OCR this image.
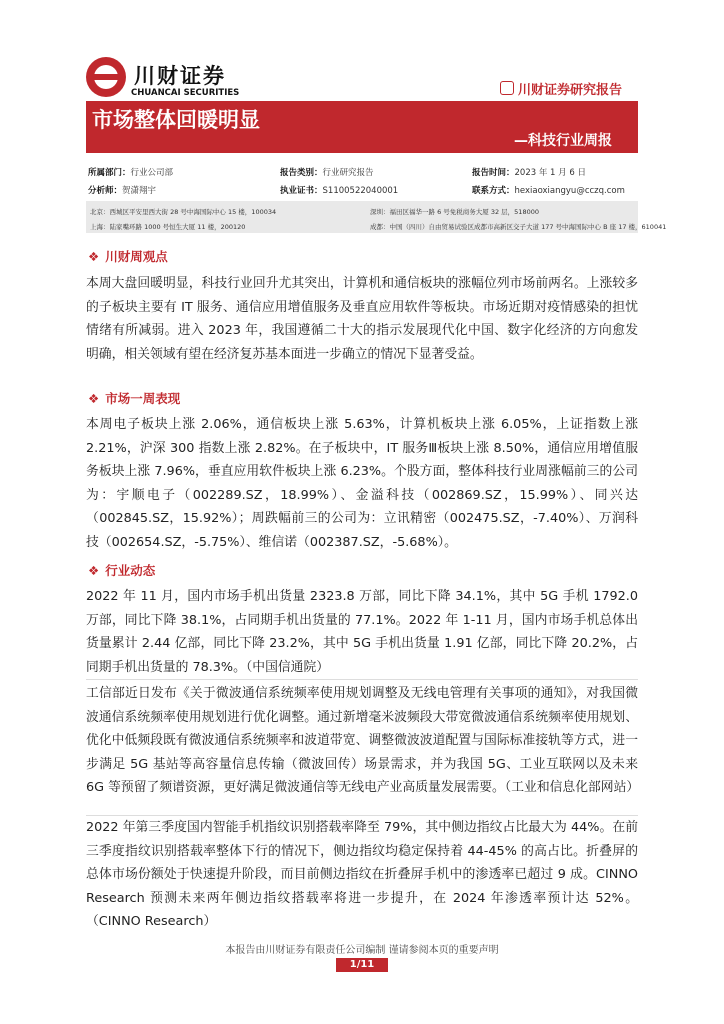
川财证券
CHUANCAI SECURITIES	川财证券研究报告
市场整体回暖明显
—科技行业周报
所属部门：行业公司部	报告类别：行业研究报告	报告时间：2023 年 1 月 6 日
分析师：贺潇翔宇	执业证书：S1100522040001	联系方式：hexiaoxiangyu@cczq.com
北京：西城区平安里西大街 28 号中海国际中心 15 楼，100034	深圳：福田区福华一路 6 号免税商务大厦 32 层，518000
上海：陆家嘴环路 1000 号恒生大厦 11 楼，200120	成都：中国（四川）自由贸易试验区成都市高新区交子大道 177 号中海国际中心 B 座 17 楼，610041
❖ 川财周观点
本周大盘回暖明显，科技行业回升尤其突出，计算机和通信板块的涨幅位列市场前两名。上涨较多的子板块主要有 IT 服务、通信应用增值服务及垂直应用软件等板块。市场近期对疫情感染的担忧情绪有所减弱。进入 2023 年，我国遵循二十大的指示发展现代化中国、数字化经济的方向愈发明确，相关领域有望在经济复苏基本面进一步确立的情况下显著受益。
❖ 市场一周表现
本周电子板块上涨 2.06%，通信板块上涨 5.63%，计算机板块上涨 6.05%，上证指数上涨 2.21%，沪深 300 指数上涨 2.82%。在子板块中，IT 服务Ⅲ板块上涨 8.50%，通信应用增值服务板块上涨 7.96%，垂直应用软件板块上涨 6.23%。个股方面，整体科技行业周涨幅前三的公司为：宇顺电子（002289.SZ，18.99%）、金溢科技（002869.SZ，15.99%）、同兴达（002845.SZ，15.92%）；周跌幅前三的公司为：立讯精密（002475.SZ，-7.40%）、万润科技（002654.SZ，-5.75%）、维信诺（002387.SZ，-5.68%）。
❖ 行业动态
2022 年 11 月，国内市场手机出货量 2323.8 万部，同比下降 34.1%，其中 5G 手机 1792.0 万部，同比下降 38.1%，占同期手机出货量的 77.1%。2022 年 1-11 月，国内市场手机总体出货量累计 2.44 亿部，同比下降 23.2%，其中 5G 手机出货量 1.91 亿部，同比下降 20.2%，占同期手机出货量的 78.3%。（中国信通院）
工信部近日发布《关于微波通信系统频率使用规划调整及无线电管理有关事项的通知》，对我国微波通信系统频率使用规划进行优化调整。通过新增毫米波频段大带宽微波通信系统频率使用规划、优化中低频段既有微波通信系统频率和波道带宽、调整微波波道配置与国际标准接轨等方式，进一步满足 5G 基站等高容量信息传输（微波回传）场景需求，并为我国 5G、工业互联网以及未来 6G 等预留了频谱资源，更好满足微波通信等无线电产业高质量发展需要。（工业和信息化部网站）
2022 年第三季度国内智能手机指纹识别搭载率降至 79%，其中侧边指纹占比最大为 44%。在前三季度指纹识别搭载率整体下行的情况下，侧边指纹均稳定保持着 44-45% 的高占比。折叠屏的总体市场份额处于快速提升阶段，而目前侧边指纹在折叠屏手机中的渗透率已超过 9 成。CINNO Research 预测未来两年侧边指纹搭载率将进一步提升，在 2024 年渗透率预计达 52%。（CINNO Research）
本报告由川财证券有限责任公司编制 谨请参阅本页的重要声明
1/11
